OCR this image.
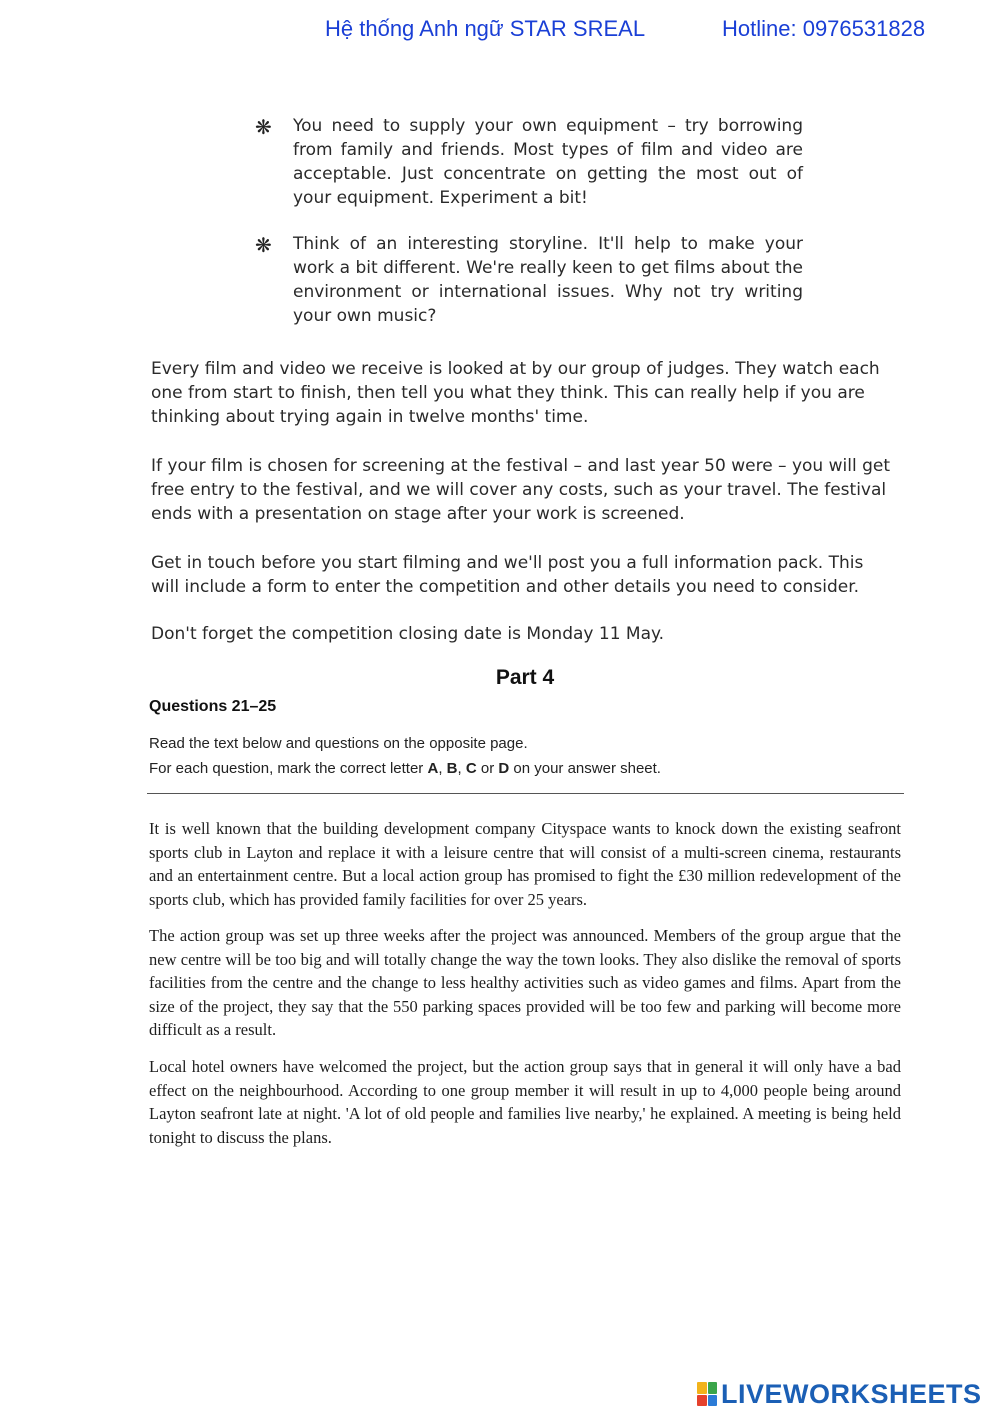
Hệ thống Anh ngữ STAR SREAL	Hotline: 0976531828
❋	You need to supply your own equipment – try borrowing from family and friends. Most types of film and video are acceptable. Just concentrate on getting the most out of your equipment. Experiment a bit!
❋	Think of an interesting storyline. It'll help to make your work a bit different. We're really keen to get films about the environment or international issues. Why not try writing your own music?

Every film and video we receive is looked at by our group of judges. They watch each one from start to finish, then tell you what they think. This can really help if you are thinking about trying again in twelve months' time.

If your film is chosen for screening at the festival – and last year 50 were – you will get free entry to the festival, and we will cover any costs, such as your travel. The festival ends with a presentation on stage after your work is screened.

Get in touch before you start filming and we'll post you a full information pack. This will include a form to enter the competition and other details you need to consider.

Don't forget the competition closing date is Monday 11 May.

Part 4
Questions 21–25

Read the text below and questions on the opposite page.

For each question, mark the correct letter A, B, C or D on your answer sheet.

It is well known that the building development company Cityspace wants to knock down the existing seafront sports club in Layton and replace it with a leisure centre that will consist of a multi-screen cinema, restaurants and an entertainment centre. But a local action group has promised to fight the £30 million redevelopment of the sports club, which has provided family facilities for over 25 years.

The action group was set up three weeks after the project was announced. Members of the group argue that the new centre will be too big and will totally change the way the town looks. They also dislike the removal of sports facilities from the centre and the change to less healthy activities such as video games and films. Apart from the size of the project, they say that the 550 parking spaces provided will be too few and parking will become more difficult as a result.

Local hotel owners have welcomed the project, but the action group says that in general it will only have a bad effect on the neighbourhood. According to one group member it will result in up to 4,000 people being around Layton seafront late at night. 'A lot of old people and families live nearby,' he explained. A meeting is being held tonight to discuss the plans.

LIVEWORKSHEETS
